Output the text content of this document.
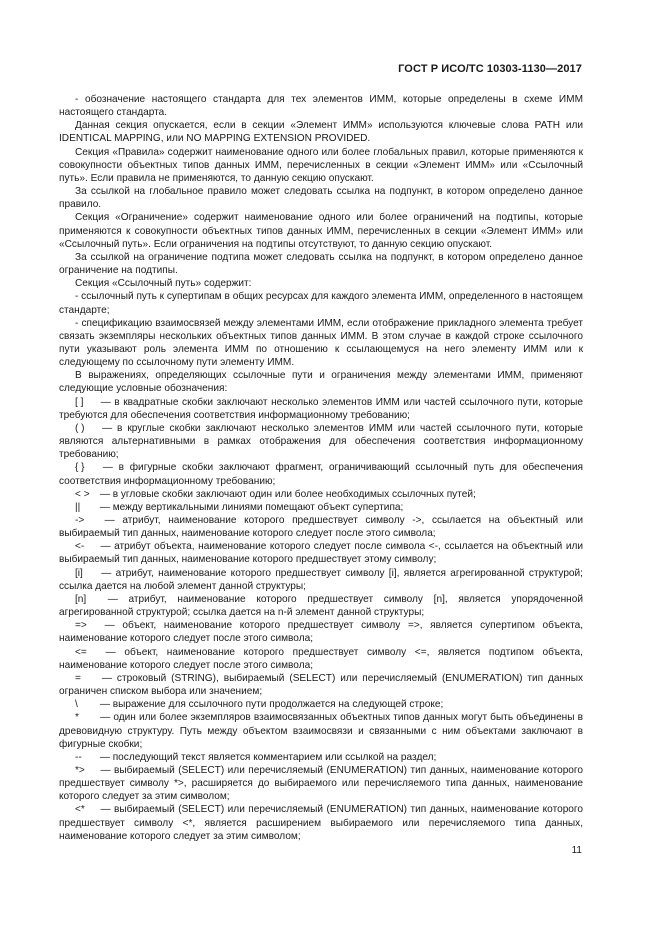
ГОСТ Р ИСО/ТС 10303-1130—2017

- обозначение настоящего стандарта для тех элементов ИММ, которые определены в схеме ИММ настоящего стандарта.

Данная секция опускается, если в секции «Элемент ИММ» используются ключевые слова PATH или IDENTICAL MAPPING, или NO MAPPING EXTENSION PROVIDED.

Секция «Правила» содержит наименование одного или более глобальных правил, которые применяются к совокупности объектных типов данных ИММ, перечисленных в секции «Элемент ИММ» или «Ссылочный путь». Если правила не применяются, то данную секцию опускают.

За ссылкой на глобальное правило может следовать ссылка на подпункт, в котором определено данное правило.

Секция «Ограничение» содержит наименование одного или более ограничений на подтипы, которые применяются к совокупности объектных типов данных ИММ, перечисленных в секции «Элемент ИММ» или «Ссылочный путь». Если ограничения на подтипы отсутствуют, то данную секцию опускают.

За ссылкой на ограничение подтипа может следовать ссылка на подпункт, в котором определено данное ограничение на подтипы.

Секция «Ссылочный путь» содержит:

- ссылочный путь к супертипам в общих ресурсах для каждого элемента ИММ, определенного в настоящем стандарте;

- спецификацию взаимосвязей между элементами ИММ, если отображение прикладного элемента требует связать экземпляры нескольких объектных типов данных ИММ. В этом случае в каждой строке ссылочного пути указывают роль элемента ИММ по отношению к ссылающемуся на него элементу ИММ или к следующему по ссылочному пути элементу ИММ.

В выражениях, определяющих ссылочные пути и ограничения между элементами ИММ, применяют следующие условные обозначения:

[ ] — в квадратные скобки заключают несколько элементов ИММ или частей ссылочного пути, которые требуются для обеспечения соответствия информационному требованию;
( ) — в круглые скобки заключают несколько элементов ИММ или частей ссылочного пути, которые являются альтернативными в рамках отображения для обеспечения соответствия информационному требованию;
{ } — в фигурные скобки заключают фрагмент, ограничивающий ссылочный путь для обеспечения соответствия информационному требованию;
< > — в угловые скобки заключают один или более необходимых ссылочных путей;
|| — между вертикальными линиями помещают объект супертипа;
-> — атрибут, наименование которого предшествует символу ->, ссылается на объектный или выбираемый тип данных, наименование которого следует после этого символа;
<- — атрибут объекта, наименование которого следует после символа <-, ссылается на объектный или выбираемый тип данных, наименование которого предшествует этому символу;
[i] — атрибут, наименование которого предшествует символу [i], является агрегированной структурой; ссылка дается на любой элемент данной структуры;
[n] — атрибут, наименование которого предшествует символу [n], является упорядоченной агрегированной структурой; ссылка дается на n-й элемент данной структуры;
=> — объект, наименование которого предшествует символу =>, является супертипом объекта, наименование которого следует после этого символа;
<= — объект, наименование которого предшествует символу <=, является подтипом объекта, наименование которого следует после этого символа;
= — строковый (STRING), выбираемый (SELECT) или перечисляемый (ENUMERATION) тип данных ограничен списком выбора или значением;
\ — выражение для ссылочного пути продолжается на следующей строке;
* — один или более экземпляров взаимосвязанных объектных типов данных могут быть объединены в древовидную структуру. Путь между объектом взаимосвязи и связанными с ним объектами заключают в фигурные скобки;
-- — последующий текст является комментарием или ссылкой на раздел;
*> — выбираемый (SELECT) или перечисляемый (ENUMERATION) тип данных, наименование которого предшествует символу *>, расширяется до выбираемого или перечисляемого типа данных, наименование которого следует за этим символом;
<* — выбираемый (SELECT) или перечисляемый (ENUMERATION) тип данных, наименование которого предшествует символу <*, является расширением выбираемого или перечисляемого типа данных, наименование которого следует за этим символом;
11
